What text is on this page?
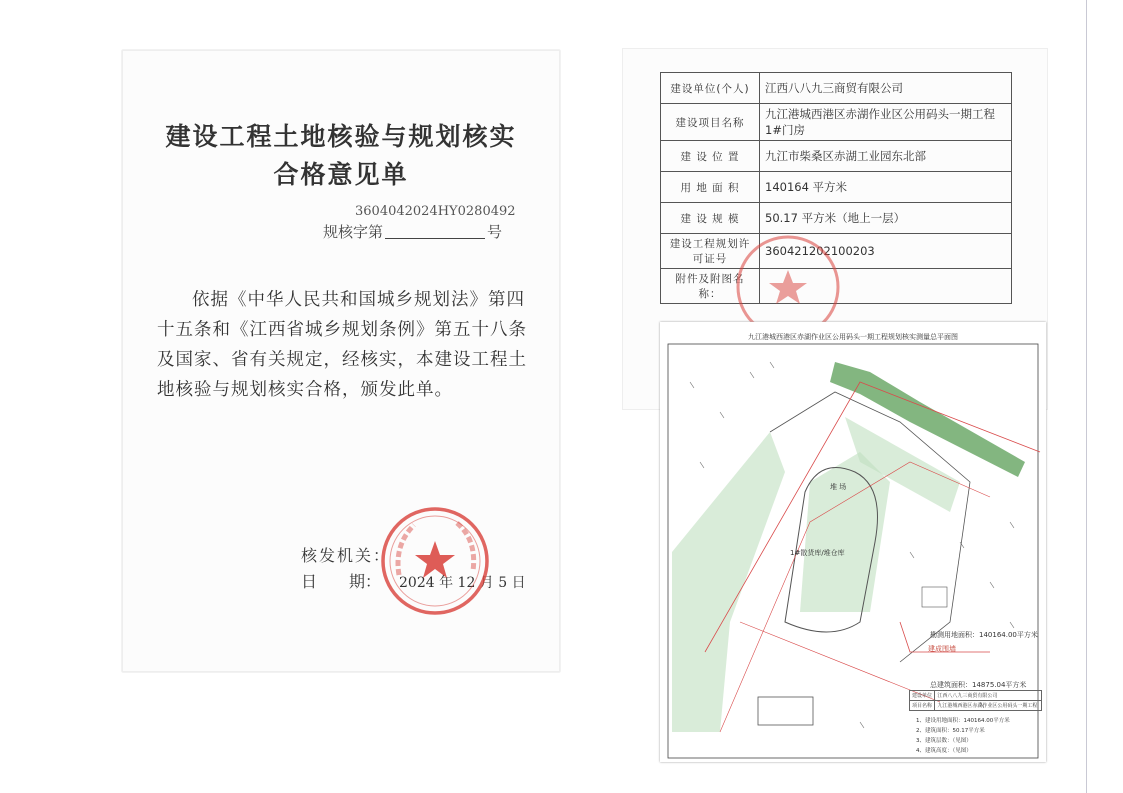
建设工程土地核验与规划核实
合格意见单
3604042024HY0280492
规核字第	号
依据《中华人民共和国城乡规划法》第四十五条和《江西省城乡规划条例》第五十八条及国家、省有关规定，经核实，本建设工程土地核验与规划核实合格，颁发此单。
核发机关：
日　　期： 2024 年 12 月 5 日
建设单位(个人)	江西八八九三商贸有限公司
建设项目名称	九江港城西港区赤湖作业区公用码头一期工程 1#门房
建 设 位 置	九江市柴桑区赤湖工业园东北部
用 地 面 积	140164 平方米
建 设 规 模	50.17 平方米（地上一层）
建设工程规划许可证号	360421202100203
附件及附图名称：	
九江港城西港区赤湖作业区公用码头一期工程规划核实测量总平面图
堆 场
1#散货库/堆仓库
勘测用地面积：140164.00平方米
建成围墙
总建筑面积：14875.04平方米
建设单位	江西八八九三商贸有限公司
项目名称	九江港城西港区赤湖作业区公用码头一期工程
1、建设用地面积：140164.00平方米
2、建筑面积：50.17平方米
3、建筑层数：（见图）
4、建筑高度：（见图）
